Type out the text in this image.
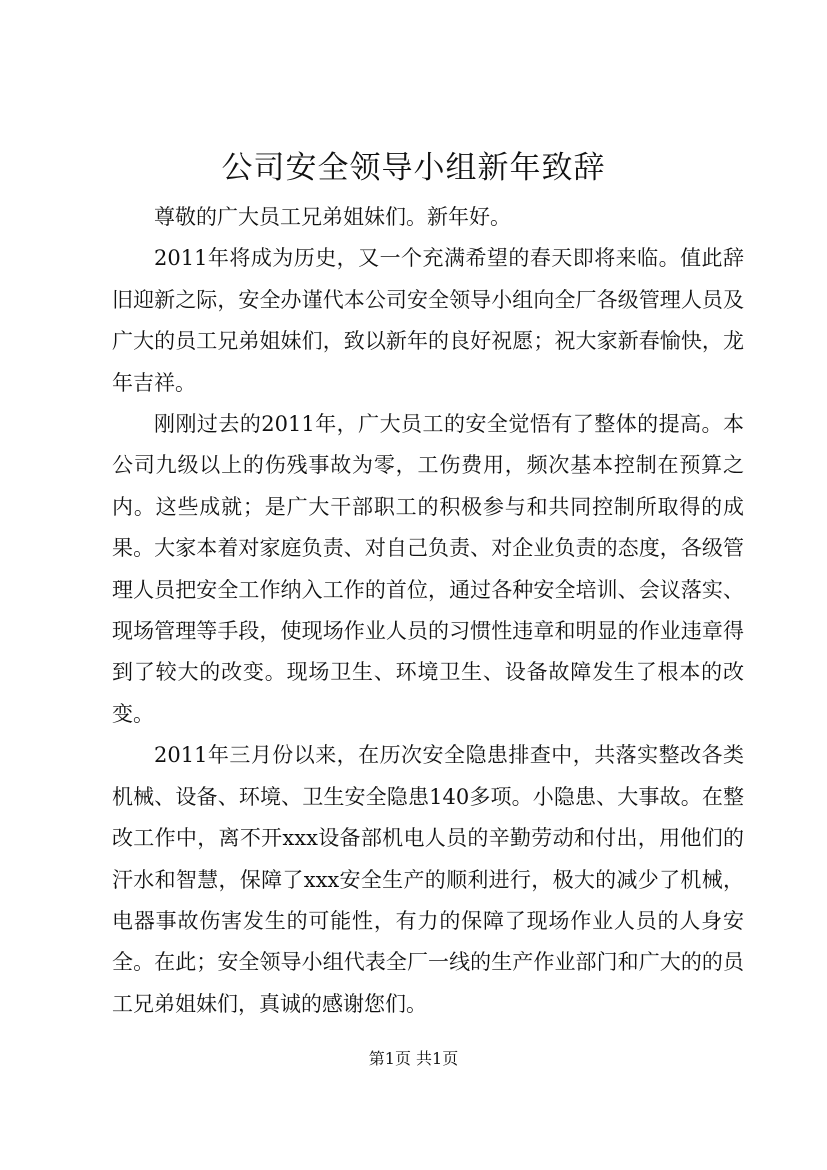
公司安全领导小组新年致辞

尊敬的广大员工兄弟姐妹们。新年好。

2011年将成为历史，又一个充满希望的春天即将来临。值此辞旧迎新之际，安全办谨代本公司安全领导小组向全厂各级管理人员及广大的员工兄弟姐妹们，致以新年的良好祝愿；祝大家新春愉快，龙年吉祥。

刚刚过去的2011年，广大员工的安全觉悟有了整体的提高。本公司九级以上的伤残事故为零，工伤费用，频次基本控制在预算之内。这些成就；是广大干部职工的积极参与和共同控制所取得的成果。大家本着对家庭负责、对自己负责、对企业负责的态度，各级管理人员把安全工作纳入工作的首位，通过各种安全培训、会议落实、现场管理等手段，使现场作业人员的习惯性违章和明显的作业违章得到了较大的改变。现场卫生、环境卫生、设备故障发生了根本的改变。

2011年三月份以来，在历次安全隐患排查中，共落实整改各类机械、设备、环境、卫生安全隐患140多项。小隐患、大事故。在整改工作中，离不开xxx设备部机电人员的辛勤劳动和付出，用他们的汗水和智慧，保障了xxx安全生产的顺利进行，极大的减少了机械，电器事故伤害发生的可能性，有力的保障了现场作业人员的人身安全。在此；安全领导小组代表全厂一线的生产作业部门和广大的的员工兄弟姐妹们，真诚的感谢您们。

第1页 共1页
